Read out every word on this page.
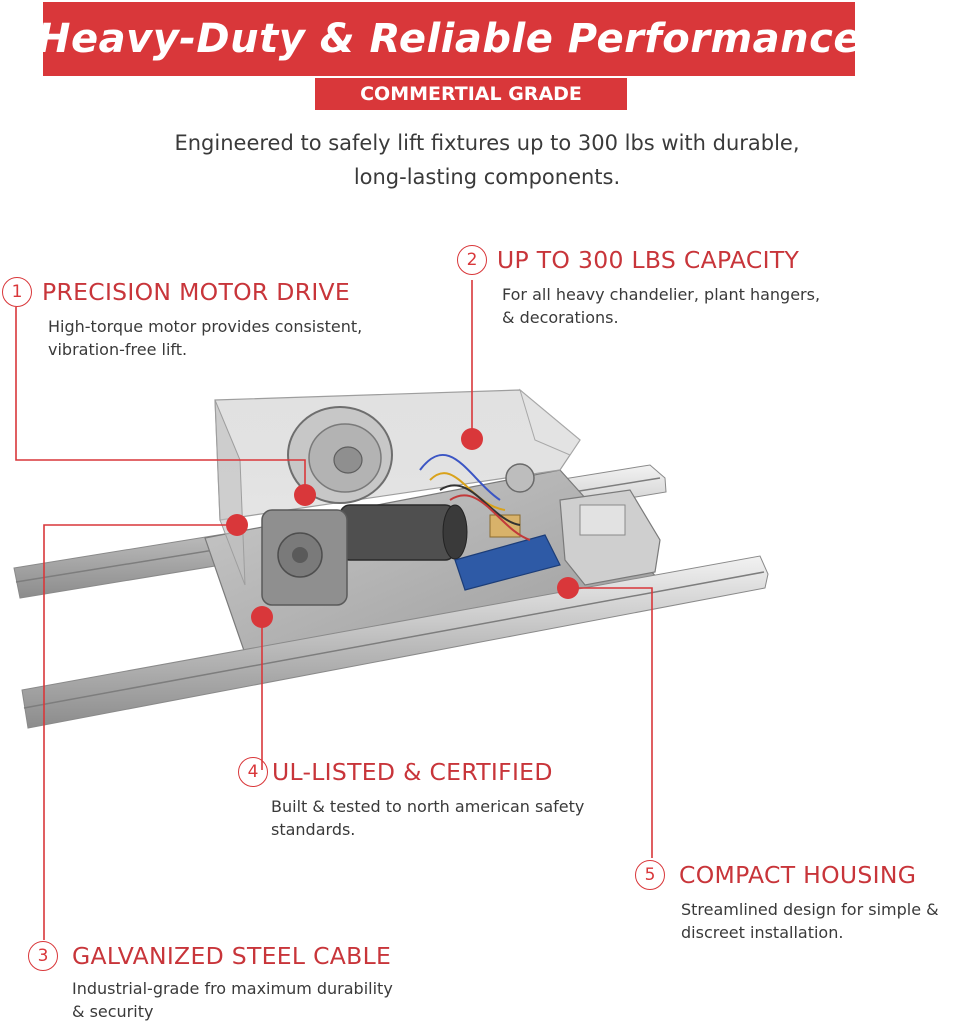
Heavy-Duty & Reliable Performance
COMMERTIAL GRADE
Engineered to safely lift fixtures up to 300 lbs with durable,
long-lasting components.
1 PRECISION MOTOR DRIVE
High-torque motor provides consistent,
vibration-free lift.
2 UP TO 300 LBS CAPACITY
For all heavy chandelier, plant hangers,
& decorations.
4 UL-LISTED & CERTIFIED
Built & tested to north american safety
standards.
5	COMPACT HOUSING
Streamlined design for simple &
discreet installation.
3	GALVANIZED STEEL CABLE
Industrial-grade fro maximum durability
& security
